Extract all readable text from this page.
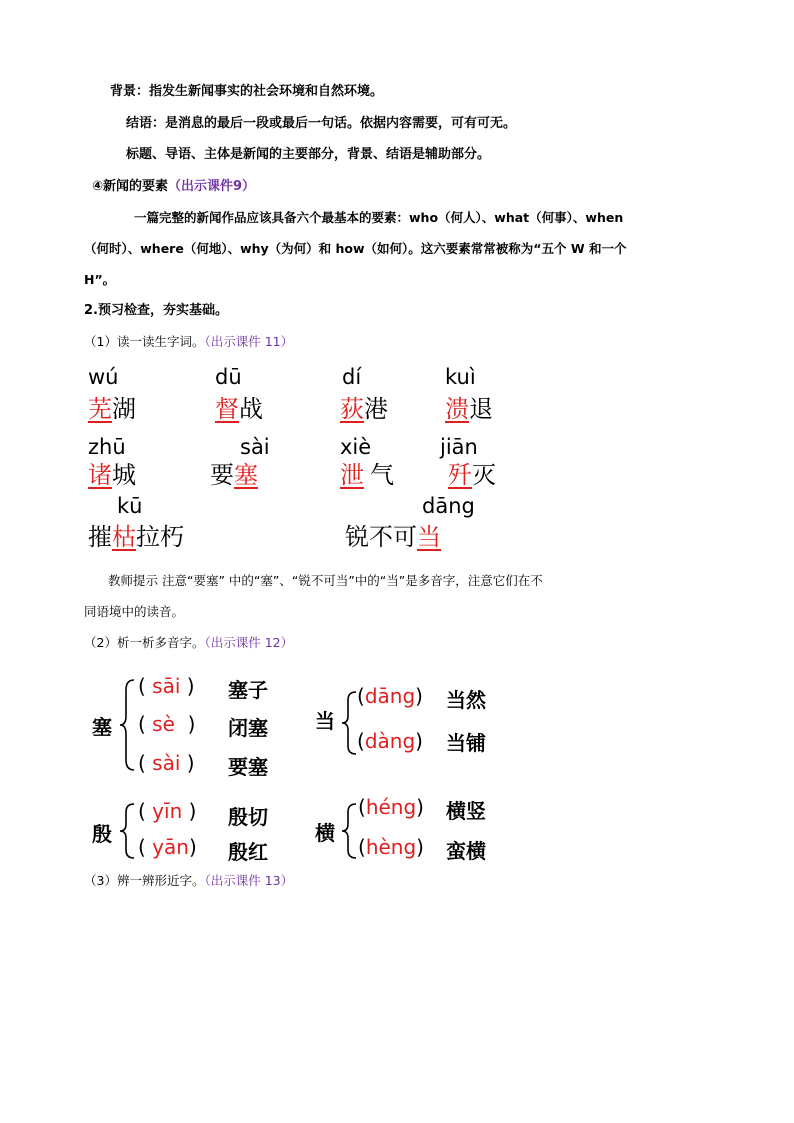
背景：指发生新闻事实的社会环境和自然环境。
结语：是消息的最后一段或最后一句话。依据内容需要，可有可无。
标题、导语、主体是新闻的主要部分，背景、结语是辅助部分。
④新闻的要素（出示课件9）
一篇完整的新闻作品应该具备六个最基本的要素：who（何人）、what（何事）、when
（何时）、where（何地）、why（为何）和 how（如何）。这六要素常常被称为“五个 W 和一个
H”。
2.预习检查，夯实基础。
（1）读一读生字词。（出示课件 11）
wú	dū	dí	kuì
芜湖	督战	荻港 溃退
zhū	sài	xiè	jiān
诸城	要塞	泄 气 歼灭
kū	dāng
摧枯拉朽	锐不可当
教师提示 注意“要塞” 中的“塞”、“锐不可当”中的“当”是多音字，注意它们在不
同语境中的读音。
（2）析一析多音字。（出示课件 12）
塞
( sāi ) 塞子
( sè  ) 闭塞
( sài ) 要塞
当
(dāng) 当然
(dàng) 当铺
殷
( yīn ) 殷切
( yān) 殷红
横
(héng) 横竖
(hèng) 蛮横
（3）辨一辨形近字。（出示课件 13）
